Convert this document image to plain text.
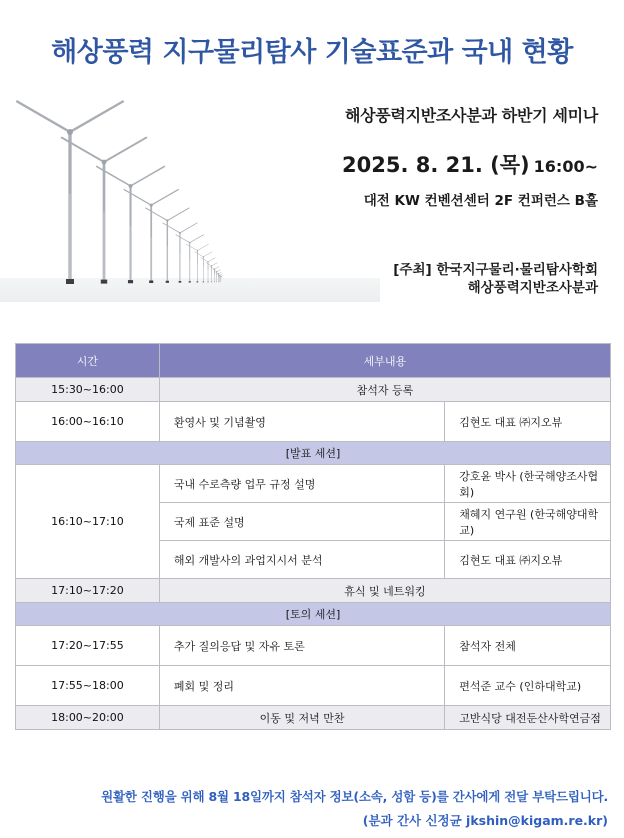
해상풍력 지구물리탐사 기술표준과 국내 현황
해상풍력지반조사분과 하반기 세미나
2025. 8. 21. (목) 16:00~
대전 KW 컨벤션센터 2F 컨퍼런스 B홀
[주최] 한국지구물리·물리탐사학회
해상풍력지반조사분과
시간	세부내용	
15:30~16:00	참석자 등록	
16:00~16:10	환영사 및 기념촬영	김현도 대표 ㈜지오뷰
[발표 세션]		
16:10~17:10	국내 수로측량 업무 규정 설명	강호윤 박사 (한국해양조사협회)
	국제 표준 설명	채혜지 연구원 (한국해양대학교)
	해외 개발사의 과업지시서 분석	김현도 대표 ㈜지오뷰
17:10~17:20	휴식 및 네트워킹	
[토의 세션]		
17:20~17:55	추가 질의응답 및 자유 토론	참석자 전체
17:55~18:00	폐회 및 정리	편석준 교수 (인하대학교)
18:00~20:00	이동 및 저녁 만찬	고반식당 대전둔산사학연금점
원활한 진행을 위해 8월 18일까지 참석자 정보(소속, 성함 등)를 간사에게 전달 부탁드립니다.
(분과 간사 신정균 jkshin@kigam.re.kr)
